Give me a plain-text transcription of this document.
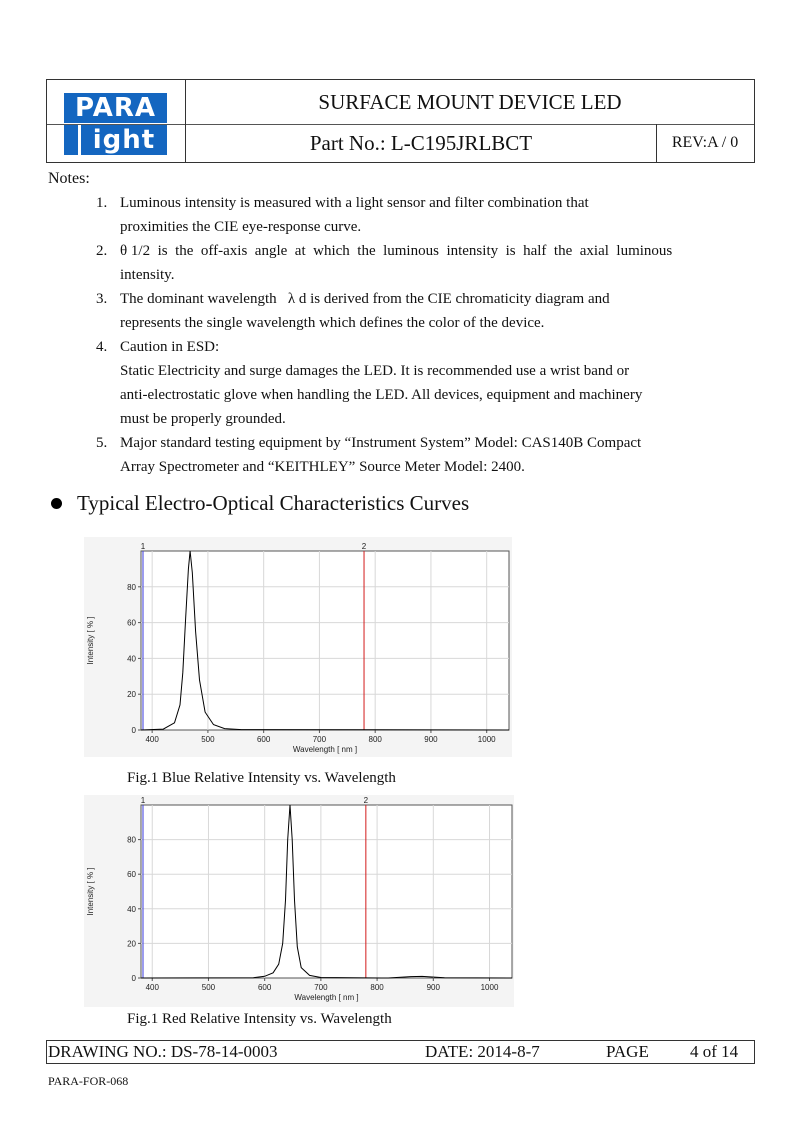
PARA
ight
SURFACE MOUNT DEVICE LED
Part No.: L-C195JRLBCT	REV:A / 0
Notes:
1. Luminous intensity is measured with a light sensor and filter combination that
proximities the CIE eye-response curve.
2. θ 1/2  is  the  off-axis  angle  at  which  the  luminous  intensity  is  half  the  axial  luminous
intensity.
3. The dominant wavelength   λ d is derived from the CIE chromaticity diagram and
represents the single wavelength which defines the color of the device.
4. Caution in ESD:
Static Electricity and surge damages the LED. It is recommended use a wrist band or
anti-electrostatic glove when handling the LED. All devices, equipment and machinery
must be properly grounded.
5. Major standard testing equipment by “Instrument System” Model: CAS140B Compact
Array Spectrometer and “KEITHLEY” Source Meter Model: 2400.
Typical Electro-Optical Characteristics Curves
400	500	600	700	800	900	1000
0
20
40
60
80
Wavelength [ nm ]
Intensity [ % ]
1	2
Fig.1 Blue Relative Intensity vs. Wavelength
400	500	600	700	800	900	1000
0
20
40
60
80
Wavelength [ nm ]
Intensity [ % ]
1	2
Fig.1 Red Relative Intensity vs. Wavelength
DRAWING NO.: DS-78-14-0003	DATE: 2014-8-7	PAGE 4 of 14
PARA-FOR-068
